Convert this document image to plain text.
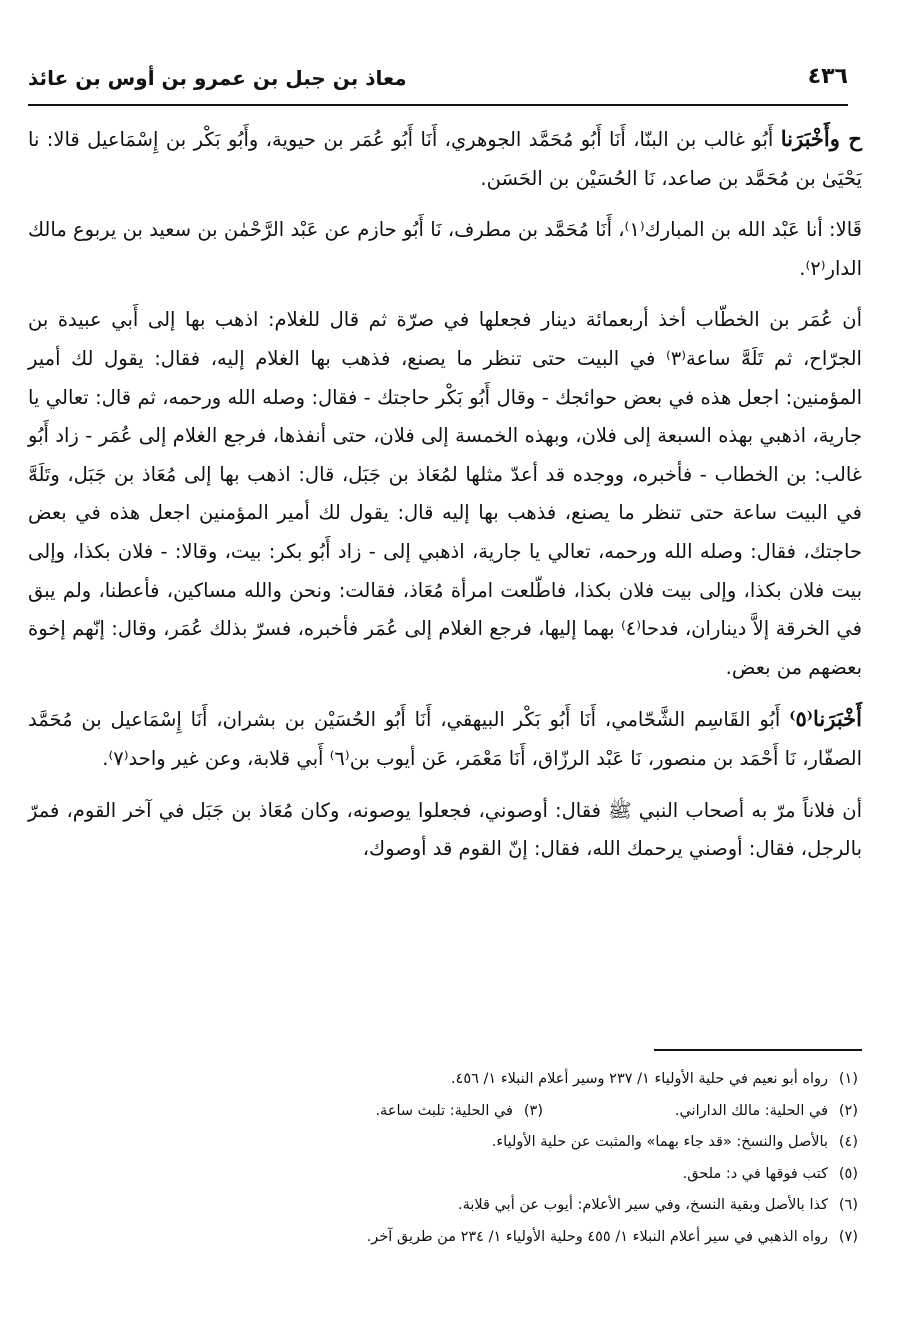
٤٣٦
معاذ بن جبل بن عمرو بن أوس بن عائذ

ح وأَخْبَرَنا أَبُو غالب بن البنّا، أَنَا أَبُو مُحَمَّد الجوهري، أَنَا أَبُو عُمَر بن حيوية، وأَبُو بَكْر بن إِسْمَاعيل قالا: نا يَحْيَىٰ بن مُحَمَّد بن صاعد، نَا الحُسَيْن بن الحَسَن.

قَالا: أنا عَبْد الله بن المبارك⁽١⁾، أَنَا مُحَمَّد بن مطرف، نَا أَبُو حازم عن عَبْد الرَّحْمٰن بن سعيد بن يربوع مالك الدار⁽٢⁾.

أن عُمَر بن الخطّاب أخذ أربعمائة دينار فجعلها في صرّة ثم قال للغلام: اذهب بها إلى أَبي عبيدة بن الجرّاح، ثم تَلَهَّ ساعة⁽٣⁾ في البيت حتى تنظر ما يصنع، فذهب بها الغلام إليه، فقال: يقول لك أمير المؤمنين: اجعل هذه في بعض حوائجك - وقال أَبُو بَكْر حاجتك - فقال: وصله الله ورحمه، ثم قال: تعالي يا جارية، اذهبي بهذه السبعة إلى فلان، وبهذه الخمسة إلى فلان، حتى أنفذها، فرجع الغلام إلى عُمَر - زاد أَبُو غالب: بن الخطاب - فأخبره، ووجده قد أعدّ مثلها لمُعَاذ بن جَبَل، قال: اذهب بها إلى مُعَاذ بن جَبَل، وتَلَهَّ في البيت ساعة حتى تنظر ما يصنع، فذهب بها إليه قال: يقول لك أمير المؤمنين اجعل هذه في بعض حاجتك، فقال: وصله الله ورحمه، تعالي يا جارية، اذهبي إلى - زاد أَبُو بكر: بيت، وقالا: - فلان بكذا، وإلى بيت فلان بكذا، وإلى بيت فلان بكذا، فاطّلعت امرأة مُعَاذ، فقالت: ونحن والله مساكين، فأعطنا، ولم يبق في الخرقة إلاَّ ديناران، فدحا⁽٤⁾ بهما إليها، فرجع الغلام إلى عُمَر فأخبره، فسرّ بذلك عُمَر، وقال: إنّهم إخوة بعضهم من بعض.

أَخْبَرَنا⁽٥⁾ أَبُو القَاسِم الشَّحّامي، أَنَا أَبُو بَكْر البيهقي، أَنَا أَبُو الحُسَيْن بن بشران، أَنَا إِسْمَاعيل بن مُحَمَّد الصفّار، نَا أَحْمَد بن منصور، نَا عَبْد الرزّاق، أَنَا مَعْمَر، عَن أيوب بن⁽٦⁾ أَبي قلابة، وعن غير واحد⁽٧⁾.

أن فلاناً مرّ به أصحاب النبي ﷺ فقال: أوصوني، فجعلوا يوصونه، وكان مُعَاذ بن جَبَل في آخر القوم، فمرّ بالرجل، فقال: أوصني يرحمك الله، فقال: إنّ القوم قد أوصوك،

(١)رواه أبو نعيم في حلية الأولياء ١/ ٢٣٧ وسير أعلام النبلاء ١/ ٤٥٦.
(٢)في الحلية: مالك الداراني.
(٣)في الحلية: تلبث ساعة.
(٤)بالأصل والنسخ: «قد جاء بهما» والمثبت عن حلية الأولياء.
(٥)كتب فوقها في د: ملحق.
(٦)كذا بالأصل وبقية النسخ، وفي سير الأعلام: أيوب عن أبي قلابة.
(٧)رواه الذهبي في سير أعلام النبلاء ١/ ٤٥٥ وحلية الأولياء ١/ ٢٣٤ من طريق آخر.
